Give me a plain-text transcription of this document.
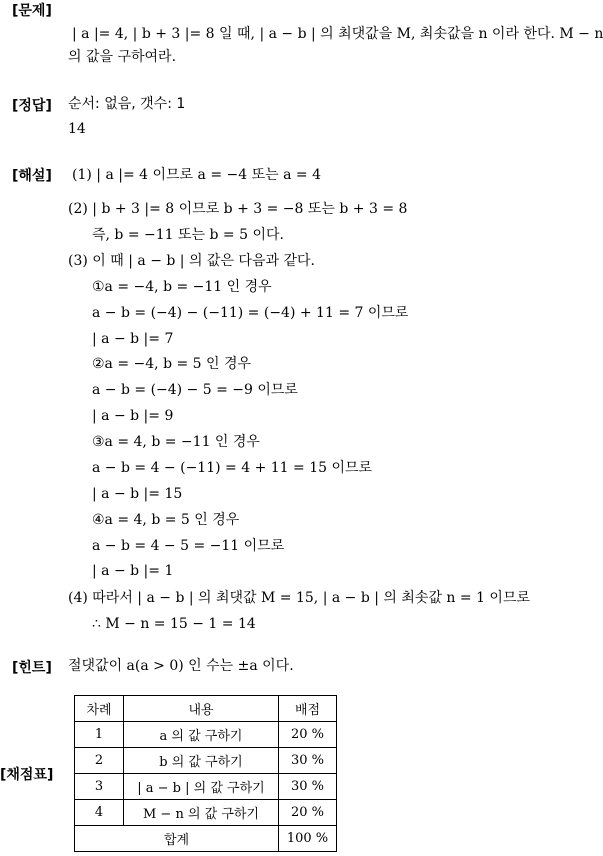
[문제]
| a |= 4, | b + 3 |= 8 일 때, | a − b | 의 최댓값을 M, 최솟값을 n 이라 한다. M − n
의 값을 구하여라.
[정답] 순서: 없음, 갯수: 1
14
[해설] (1) | a |= 4 이므로 a = −4 또는 a = 4
(2) | b + 3 |= 8 이므로 b + 3 = −8 또는 b + 3 = 8
즉, b = −11 또는 b = 5 이다.
(3) 이 때 | a − b | 의 값은 다음과 같다.
①a = −4, b = −11 인 경우
a − b = (−4) − (−11) = (−4) + 11 = 7 이므로
| a − b |= 7
②a = −4, b = 5 인 경우
a − b = (−4) − 5 = −9 이므로
| a − b |= 9
③a = 4, b = −11 인 경우
a − b = 4 − (−11) = 4 + 11 = 15 이므로
| a − b |= 15
④a = 4, b = 5 인 경우
a − b = 4 − 5 = −11 이므로
| a − b |= 1
(4) 따라서 | a − b | 의 최댓값 M = 15, | a − b | 의 최솟값 n = 1 이므로
∴ M − n = 15 − 1 = 14
[힌트] 절댓값이 a(a > 0) 인 수는 ±a 이다.
[채점표]
차례	내용	배점
1	a 의 값 구하기	20 %
2	b 의 값 구하기	30 %
3	| a − b | 의 값 구하기	30 %
4	M − n 의 값 구하기	20 %
합계		100 %
